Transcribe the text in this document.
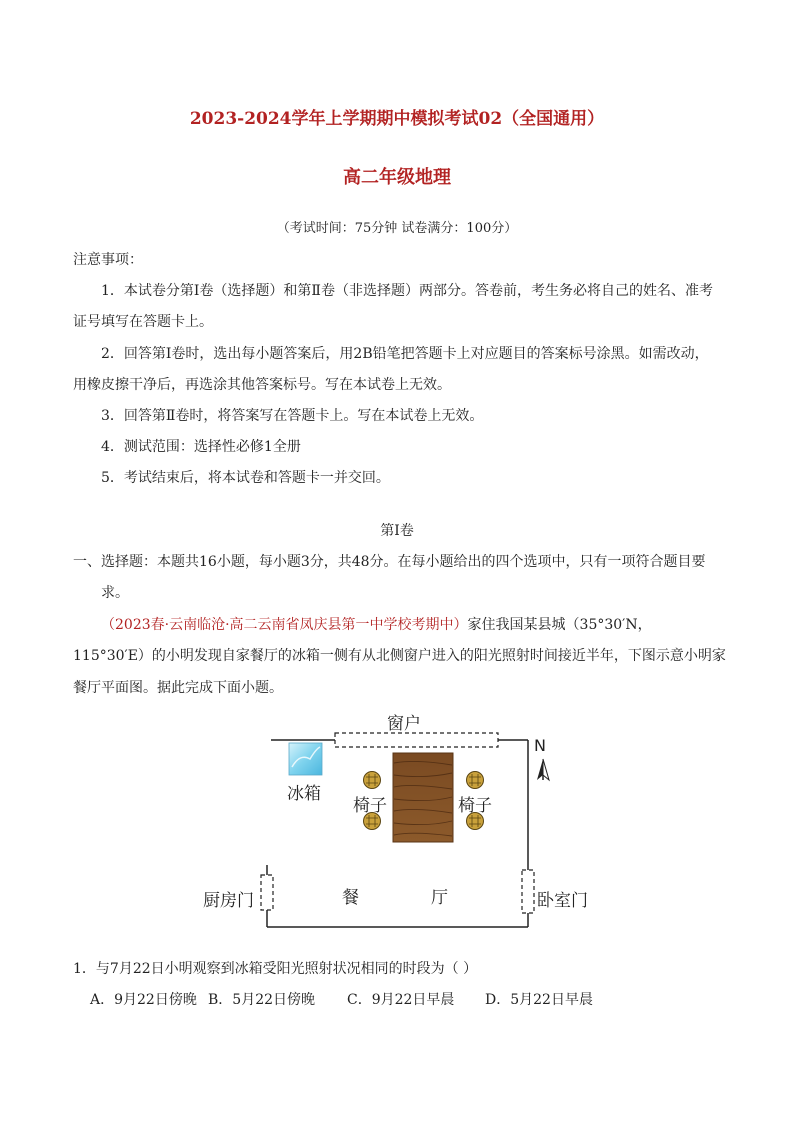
2023-2024学年上学期期中模拟考试02（全国通用）
高二年级地理
（考试时间：75分钟 试卷满分：100分）
注意事项：
1．本试卷分第Ⅰ卷（选择题）和第Ⅱ卷（非选择题）两部分。答卷前，考生务必将自己的姓名、准考
证号填写在答题卡上。
2．回答第Ⅰ卷时，选出每小题答案后，用2B铅笔把答题卡上对应题目的答案标号涂黑。如需改动，
用橡皮擦干净后，再选涂其他答案标号。写在本试卷上无效。
3．回答第Ⅱ卷时，将答案写在答题卡上。写在本试卷上无效。
4．测试范围：选择性必修1全册
5．考试结束后，将本试卷和答题卡一并交回。
第Ⅰ卷
一、选择题：本题共16小题，每小题3分，共48分。在每小题给出的四个选项中，只有一项符合题目要
求。
（2023春·云南临沧·高二云南省凤庆县第一中学校考期中）家住我国某县城（35°30′N，
115°30′E）的小明发现自家餐厅的冰箱一侧有从北侧窗户进入的阳光照射时间接近半年，下图示意小明家
餐厅平面图。据此完成下面小题。
窗户
N
冰箱
椅子	椅子
厨房门	餐	厅	卧室门
1．与7月22日小明观察到冰箱受阳光照射状况相同的时段为（ ）
A．9月22日傍晚 B．5月22日傍晚 C．9月22日早晨 D．5月22日早晨
